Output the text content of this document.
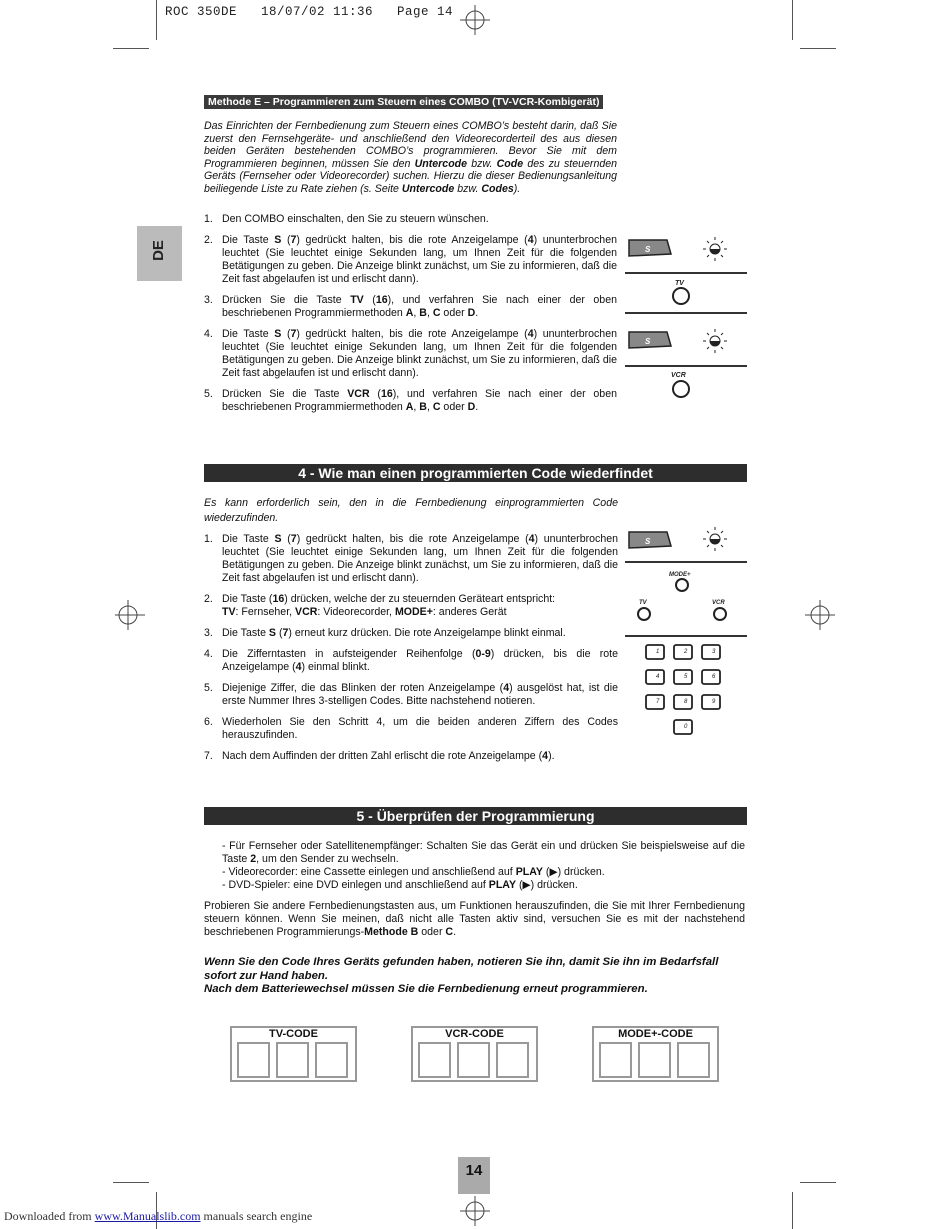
ROC 350DE   18/07/02 11:36   Page 14
DE
Methode E – Programmieren zum Steuern eines COMBO (TV-VCR-Kombigerät)
Das Einrichten der Fernbedienung zum Steuern eines COMBO’s besteht darin, daß Sie zuerst den Fernsehgeräte- und anschließend den Videorecorderteil des aus diesen beiden Geräten bestehenden COMBO’s programmieren. Bevor Sie mit dem Programmieren beginnen, müssen Sie den Untercode bzw. Code des zu steuernden Geräts (Fernseher oder Videorecorder) suchen. Hierzu die dieser Bedienungsanleitung beiliegende Liste zu Rate ziehen (s. Seite Untercode bzw. Codes).
1. Den COMBO einschalten, den Sie zu steuern wünschen.
2. Die Taste S (7) gedrückt halten, bis die rote Anzeigelampe (4) ununterbrochen leuchtet (Sie leuchtet einige Sekunden lang, um Ihnen Zeit für die folgenden Betätigungen zu geben. Die Anzeige blinkt zunächst, um Sie zu informieren, daß die Zeit fast abgelaufen ist und erlischt dann).
3. Drücken Sie die Taste TV (16), und verfahren Sie nach einer der oben beschriebenen Programmiermethoden A, B, C oder D.
4. Die Taste S (7) gedrückt halten, bis die rote Anzeigelampe (4) ununterbrochen leuchtet (Sie leuchtet einige Sekunden lang, um Ihnen Zeit für die folgenden Betätigungen zu geben. Die Anzeige blinkt zunächst, um Sie zu informieren, daß die Zeit fast abgelaufen ist und erlischt dann).
5. Drücken Sie die Taste VCR (16), und verfahren Sie nach einer der oben beschriebenen Programmiermethoden A, B, C oder D.
S
TV
S
VCR
4 - Wie man einen programmierten Code wiederfindet
Es kann erforderlich sein, den in die Fernbedienung einprogrammierten Code wiederzufinden.
1. Die Taste S (7) gedrückt halten, bis die rote Anzeigelampe (4) ununterbrochen leuchtet (Sie leuchtet einige Sekunden lang, um Ihnen Zeit für die folgenden Betätigungen zu geben. Die Anzeige blinkt zunächst, um Sie zu informieren, daß die Zeit fast abgelaufen ist und erlischt dann).
2. Die Taste (16) drücken, welche der zu steuernden Geräteart entspricht:
TV: Fernseher, VCR: Videorecorder, MODE+: anderes Gerät
3. Die Taste S (7) erneut kurz drücken. Die rote Anzeigelampe blinkt einmal.
4. Die Zifferntasten in aufsteigender Reihenfolge (0-9) drücken, bis die rote Anzeigelampe (4) einmal blinkt.
5. Diejenige Ziffer, die das Blinken der roten Anzeigelampe (4) ausgelöst hat, ist die erste Nummer Ihres 3-stelligen Codes. Bitte nachstehend notieren.
6. Wiederholen Sie den Schritt 4, um die beiden anderen Ziffern des Codes herauszufinden.
7. Nach dem Auffinden der dritten Zahl erlischt die rote Anzeigelampe (4).
S
MODE+
TV	VCR
1	2	3
4	5	6
7	8	9
0
5 - Überprüfen der Programmierung
- Für Fernseher oder Satellitenempfänger: Schalten Sie das Gerät ein und drücken Sie beispielsweise auf die Taste 2, um den Sender zu wechseln.
- Videorecorder: eine Cassette einlegen und anschließend auf PLAY (▶) drücken.
- DVD-Spieler: eine DVD einlegen und anschließend auf PLAY (▶) drücken.
Probieren Sie andere Fernbedienungstasten aus, um Funktionen herauszufinden, die Sie mit Ihrer Fernbedienung steuern können. Wenn Sie meinen, daß nicht alle Tasten aktiv sind, versuchen Sie es mit der nachstehend beschriebenen Programmierungs-Methode B oder C.
Wenn Sie den Code Ihres Geräts gefunden haben, notieren Sie ihn, damit Sie ihn im Bedarfsfall sofort zur Hand haben.
Nach dem Batteriewechsel müssen Sie die Fernbedienung erneut programmieren.
TV-CODE	VCR-CODE	MODE+-CODE
14
Downloaded from www.Manualslib.com manuals search engine
